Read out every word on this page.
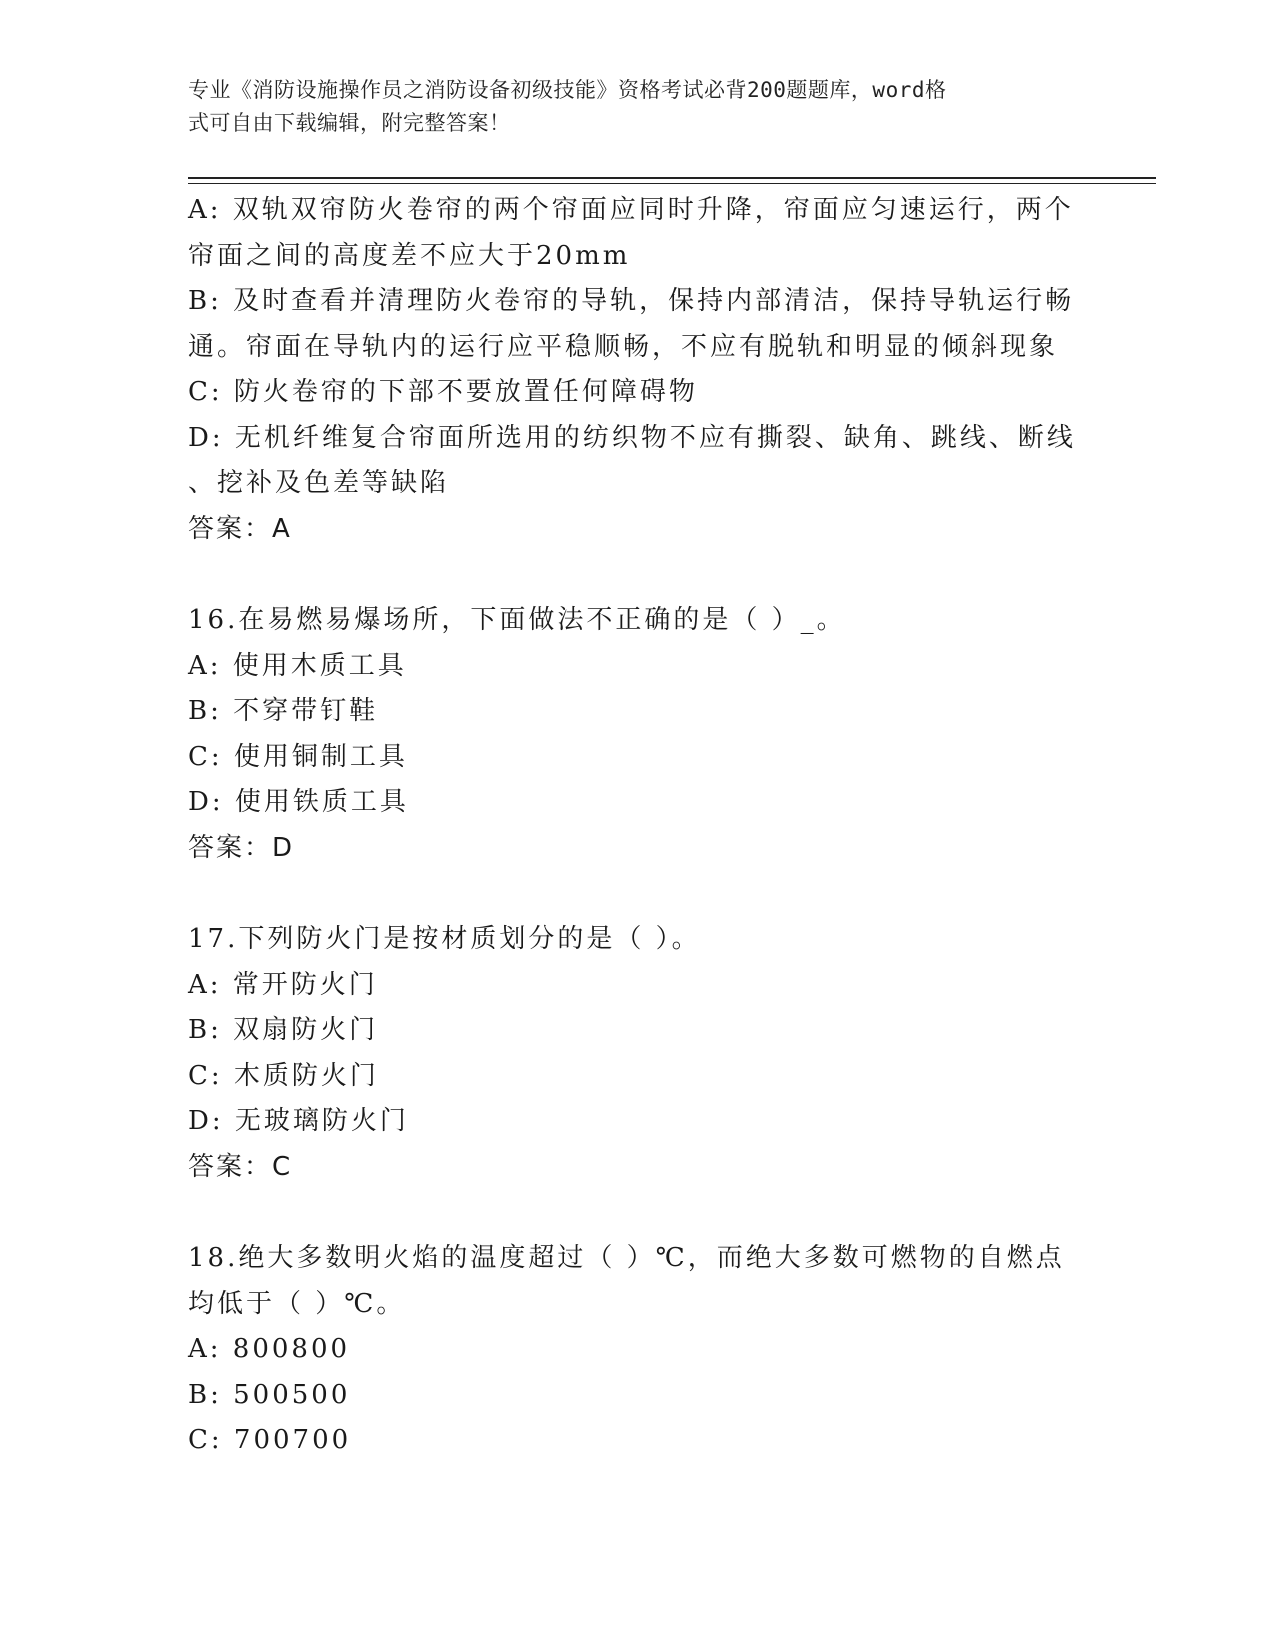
专业《消防设施操作员之消防设备初级技能》资格考试必背200题题库，word格
式可自由下载编辑，附完整答案！
A: 双轨双帘防火卷帘的两个帘面应同时升降，帘面应匀速运行，两个
帘面之间的高度差不应大于20mm
B: 及时查看并清理防火卷帘的导轨，保持内部清洁，保持导轨运行畅
通。帘面在导轨内的运行应平稳顺畅，不应有脱轨和明显的倾斜现象
C: 防火卷帘的下部不要放置任何障碍物
D: 无机纤维复合帘面所选用的纺织物不应有撕裂、缺角、跳线、断线
、挖补及色差等缺陷
答案：A
16.在易燃易爆场所，下面做法不正确的是（ ）_。
A: 使用木质工具
B: 不穿带钉鞋
C: 使用铜制工具
D: 使用铁质工具
答案：D
17.下列防火门是按材质划分的是（ ）。
A: 常开防火门
B: 双扇防火门
C: 木质防火门
D: 无玻璃防火门
答案：C
18.绝大多数明火焰的温度超过（ ）℃，而绝大多数可燃物的自燃点
均低于（ ）℃。
A: 800800
B: 500500
C: 700700
